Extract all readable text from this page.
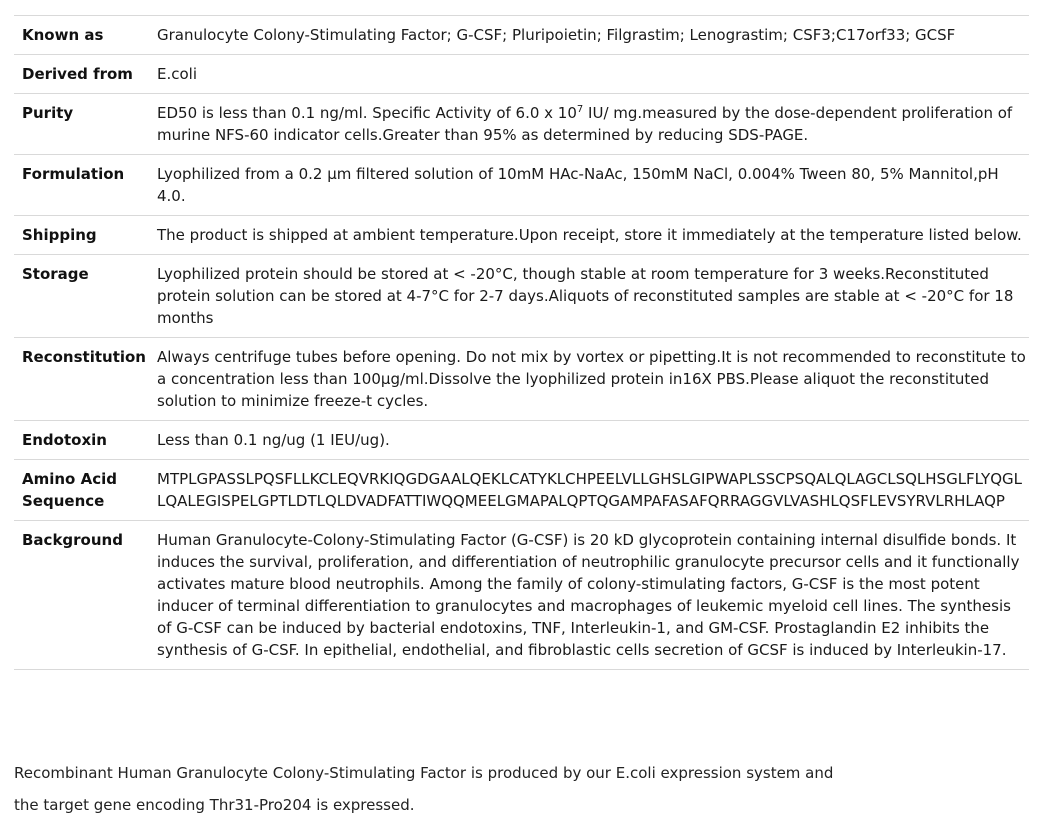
Known as	Granulocyte Colony-Stimulating Factor; G-CSF; Pluripoietin; Filgrastim; Lenograstim; CSF3;C17orf33; GCSF
Derived from	E.coli
Purity	ED50 is less than 0.1 ng/ml. Specific Activity of 6.0 x $10^7$ IU/ mg.measured by the dose-dependent proliferation of murine NFS-60 indicator cells.Greater than 95% as determined by reducing SDS-PAGE.
Formulation	Lyophilized from a 0.2 μm filtered solution of 10mM HAc-NaAc, 150mM NaCl, 0.004% Tween 80, 5% Mannitol,pH 4.0.
Shipping	The product is shipped at ambient temperature.Upon receipt, store it immediately at the temperature listed below.
Storage	Lyophilized protein should be stored at < -20°C, though stable at room temperature for 3 weeks.Reconstituted protein solution can be stored at 4-7°C for 2-7 days.Aliquots of reconstituted samples are stable at < -20°C for 18 months
Reconstitution	Always centrifuge tubes before opening. Do not mix by vortex or pipetting.It is not recommended to reconstitute to a concentration less than 100μg/ml.Dissolve the lyophilized protein in16X PBS.Please aliquot the reconstituted solution to minimize freeze-t cycles.
Endotoxin	Less than 0.1 ng/ug (1 IEU/ug).
Amino Acid Sequence	MTPLGPASSLPQSFLLKCLEQVRKIQGDGAALQEKLCATYKLCHPEELVLLGHSLGIPWAPLSSCPSQALQLAGCLSQLHSGLFLYQGLLQALEGISPELGPTLDTLQLDVADFATTIWQQMEELGMAPALQPTQGAMPAFASAFQRRAGGVLVASHLQSFLEVSYRVLRHLAQP
Background	Human Granulocyte-Colony-Stimulating Factor (G-CSF) is 20 kD glycoprotein containing internal disulfide bonds. It induces the survival, proliferation, and differentiation of neutrophilic granulocyte precursor cells and it functionally activates mature blood neutrophils. Among the family of colony-stimulating factors, G-CSF is the most potent inducer of terminal differentiation to granulocytes and macrophages of leukemic myeloid cell lines. The synthesis of G-CSF can be induced by bacterial endotoxins, TNF, Interleukin-1, and GM-CSF. Prostaglandin E2 inhibits the synthesis of G-CSF. In epithelial, endothelial, and fibroblastic cells secretion of GCSF is induced by Interleukin-17.

Recombinant Human Granulocyte Colony-Stimulating Factor is produced by our E.coli expression system and

the target gene encoding Thr31-Pro204 is expressed.
